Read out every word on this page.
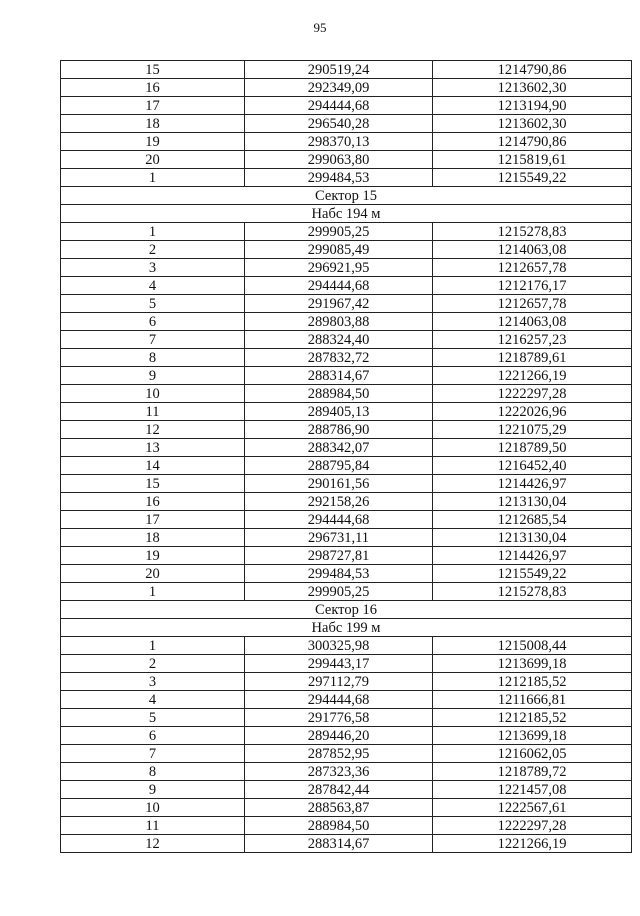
95
15	290519,24	1214790,86
16	292349,09	1213602,30
17	294444,68	1213194,90
18	296540,28	1213602,30
19	298370,13	1214790,86
20	299063,80	1215819,61
1	299484,53	1215549,22
Сектор 15		
Набс 194 м		
1	299905,25	1215278,83
2	299085,49	1214063,08
3	296921,95	1212657,78
4	294444,68	1212176,17
5	291967,42	1212657,78
6	289803,88	1214063,08
7	288324,40	1216257,23
8	287832,72	1218789,61
9	288314,67	1221266,19
10	288984,50	1222297,28
11	289405,13	1222026,96
12	288786,90	1221075,29
13	288342,07	1218789,50
14	288795,84	1216452,40
15	290161,56	1214426,97
16	292158,26	1213130,04
17	294444,68	1212685,54
18	296731,11	1213130,04
19	298727,81	1214426,97
20	299484,53	1215549,22
1	299905,25	1215278,83
Сектор 16		
Набс 199 м		
1	300325,98	1215008,44
2	299443,17	1213699,18
3	297112,79	1212185,52
4	294444,68	1211666,81
5	291776,58	1212185,52
6	289446,20	1213699,18
7	287852,95	1216062,05
8	287323,36	1218789,72
9	287842,44	1221457,08
10	288563,87	1222567,61
11	288984,50	1222297,28
12	288314,67	1221266,19
